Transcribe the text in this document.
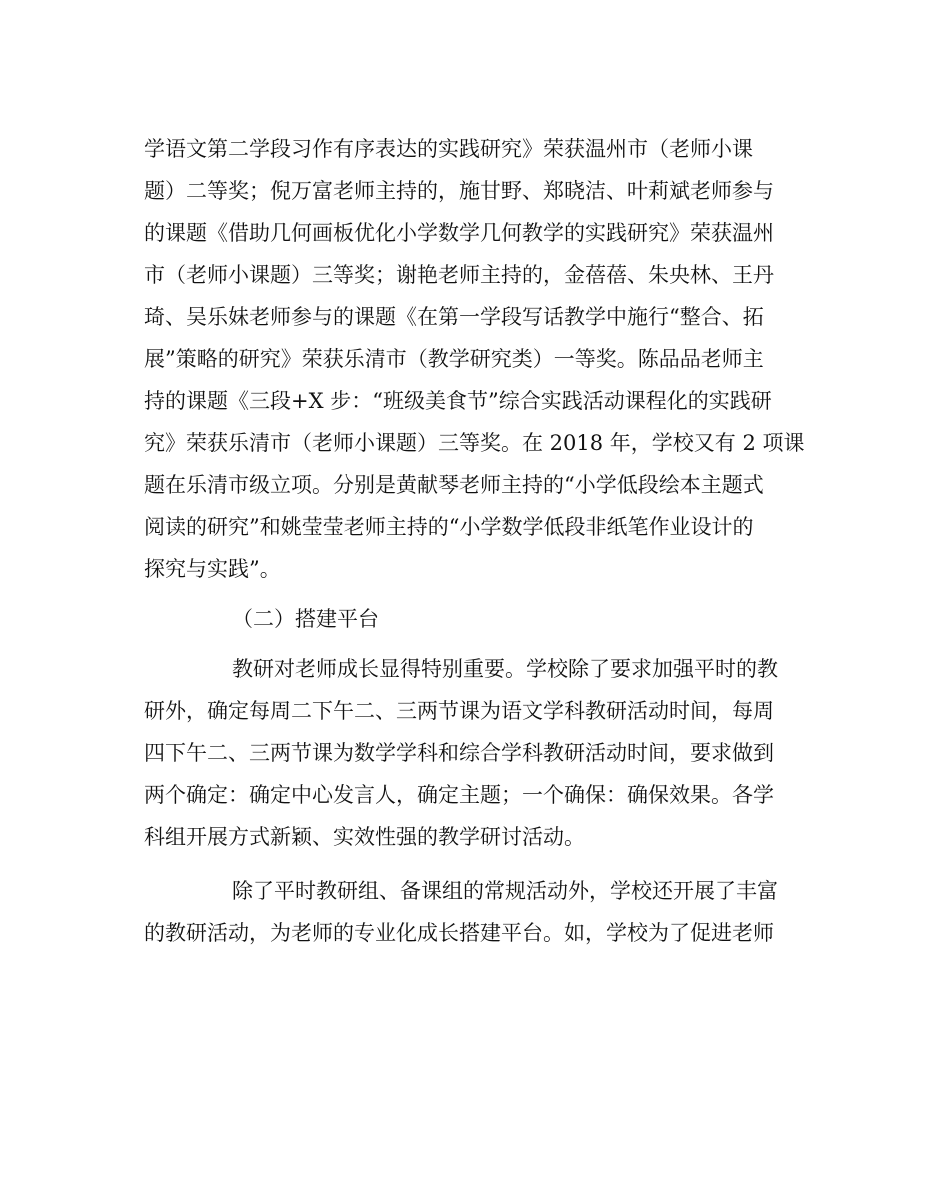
学语文第二学段习作有序表达的实践研究》荣获温州市（老师小课
题）二等奖；倪万富老师主持的，施甘野、郑晓洁、叶莉斌老师参与
的课题《借助几何画板优化小学数学几何教学的实践研究》荣获温州
市（老师小课题）三等奖；谢艳老师主持的，金蓓蓓、朱央林、王丹
琦、吴乐妹老师参与的课题《在第一学段写话教学中施行“整合、拓
展”策略的研究》荣获乐清市（教学研究类）一等奖。陈品品老师主
持的课题《三段+X 步：“班级美食节”综合实践活动课程化的实践研
究》荣获乐清市（老师小课题）三等奖。在 2018 年，学校又有 2 项课
题在乐清市级立项。分别是黄献琴老师主持的“小学低段绘本主题式
阅读的研究”和姚莹莹老师主持的“小学数学低段非纸笔作业设计的
探究与实践”。
（二）搭建平台
教研对老师成长显得特别重要。学校除了要求加强平时的教
研外，确定每周二下午二、三两节课为语文学科教研活动时间，每周
四下午二、三两节课为数学学科和综合学科教研活动时间，要求做到
两个确定：确定中心发言人，确定主题；一个确保：确保效果。各学
科组开展方式新颖、实效性强的教学研讨活动。
除了平时教研组、备课组的常规活动外，学校还开展了丰富
的教研活动，为老师的专业化成长搭建平台。如，学校为了促进老师
